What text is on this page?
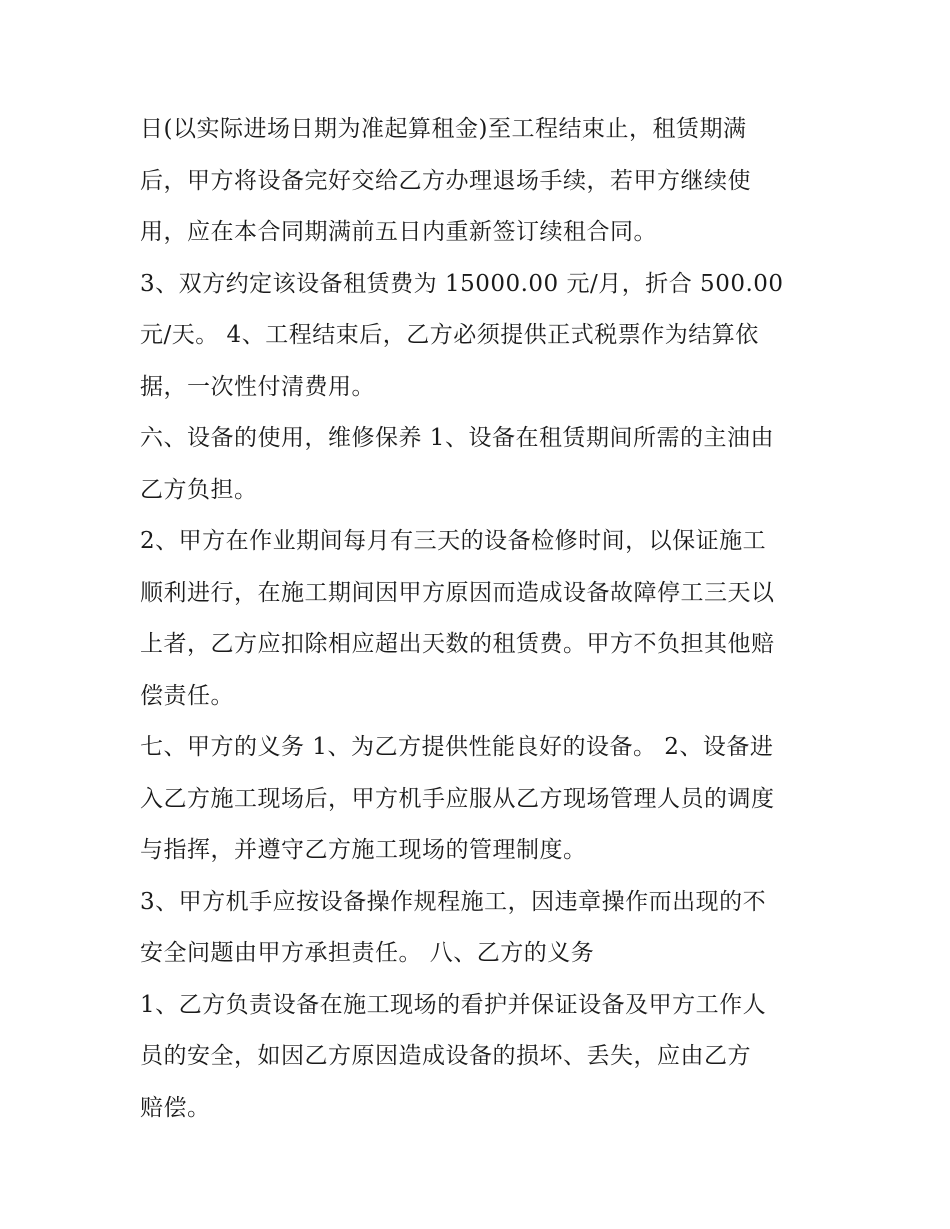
日(以实际进场日期为准起算租金)至工程结束止，租赁期满
后，甲方将设备完好交给乙方办理退场手续，若甲方继续使
用，应在本合同期满前五日内重新签订续租合同。
3、双方约定该设备租赁费为 15000.00 元/月，折合 500.00
元/天。 4、工程结束后，乙方必须提供正式税票作为结算依
据，一次性付清费用。
六、设备的使用，维修保养 1、设备在租赁期间所需的主油由
乙方负担。
2、甲方在作业期间每月有三天的设备检修时间，以保证施工
顺利进行，在施工期间因甲方原因而造成设备故障停工三天以
上者，乙方应扣除相应超出天数的租赁费。甲方不负担其他赔
偿责任。
七、甲方的义务 1、为乙方提供性能良好的设备。 2、设备进
入乙方施工现场后，甲方机手应服从乙方现场管理人员的调度
与指挥，并遵守乙方施工现场的管理制度。
3、甲方机手应按设备操作规程施工，因违章操作而出现的不
安全问题由甲方承担责任。 八、乙方的义务
1、乙方负责设备在施工现场的看护并保证设备及甲方工作人
员的安全，如因乙方原因造成设备的损坏、丢失，应由乙方
赔偿。
